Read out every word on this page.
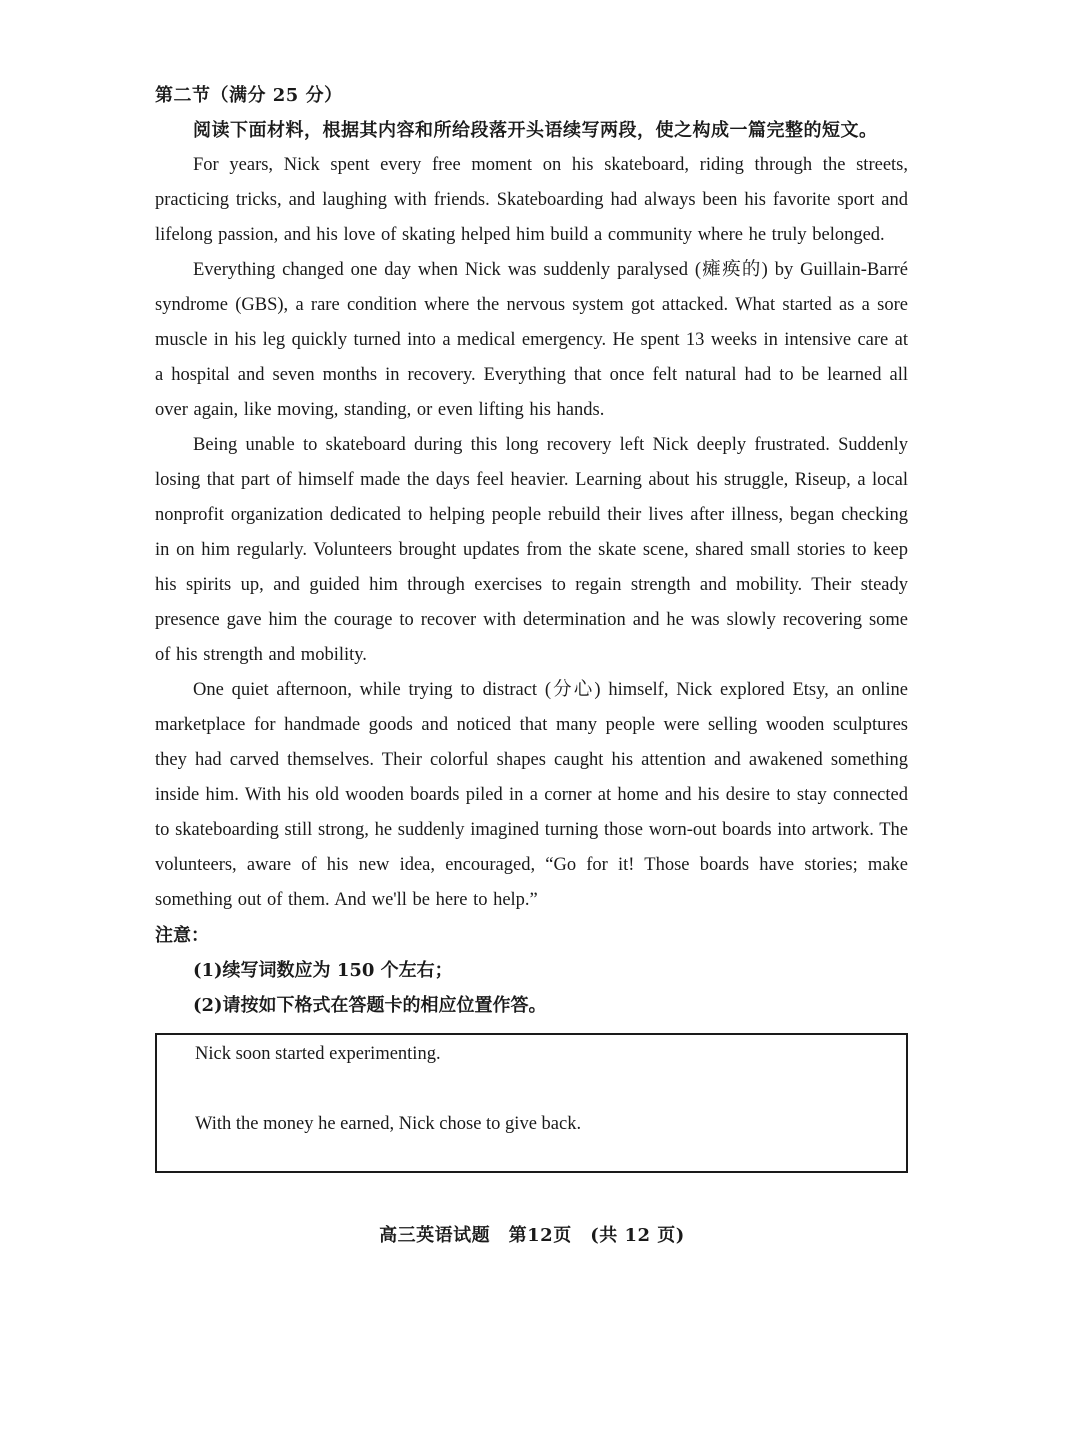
第二节（满分 25 分）

阅读下面材料，根据其内容和所给段落开头语续写两段，使之构成一篇完整的短文。

For years, Nick spent every free moment on his skateboard, riding through the streets, practicing tricks, and laughing with friends. Skateboarding had always been his favorite sport and lifelong passion, and his love of skating helped him build a community where he truly belonged.

Everything changed one day when Nick was suddenly paralysed (瘫痪的) by Guillain-Barré syndrome (GBS), a rare condition where the nervous system got attacked. What started as a sore muscle in his leg quickly turned into a medical emergency. He spent 13 weeks in intensive care at a hospital and seven months in recovery. Everything that once felt natural had to be learned all over again, like moving, standing, or even lifting his hands.

Being unable to skateboard during this long recovery left Nick deeply frustrated. Suddenly losing that part of himself made the days feel heavier. Learning about his struggle, Riseup, a local nonprofit organization dedicated to helping people rebuild their lives after illness, began checking in on him regularly. Volunteers brought updates from the skate scene, shared small stories to keep his spirits up, and guided him through exercises to regain strength and mobility. Their steady presence gave him the courage to recover with determination and he was slowly recovering some of his strength and mobility.

One quiet afternoon, while trying to distract (分心) himself, Nick explored Etsy, an online marketplace for handmade goods and noticed that many people were selling wooden sculptures they had carved themselves. Their colorful shapes caught his attention and awakened something inside him. With his old wooden boards piled in a corner at home and his desire to stay connected to skateboarding still strong, he suddenly imagined turning those worn-out boards into artwork. The volunteers, aware of his new idea, encouraged, “Go for it! Those boards have stories; make something out of them. And we'll be here to help.”

注意：

(1)续写词数应为 150 个左右；

(2)请按如下格式在答题卡的相应位置作答。

Nick soon started experimenting.
With the money he earned, Nick chose to give back.
高三英语试题　第12页　(共 12 页)
